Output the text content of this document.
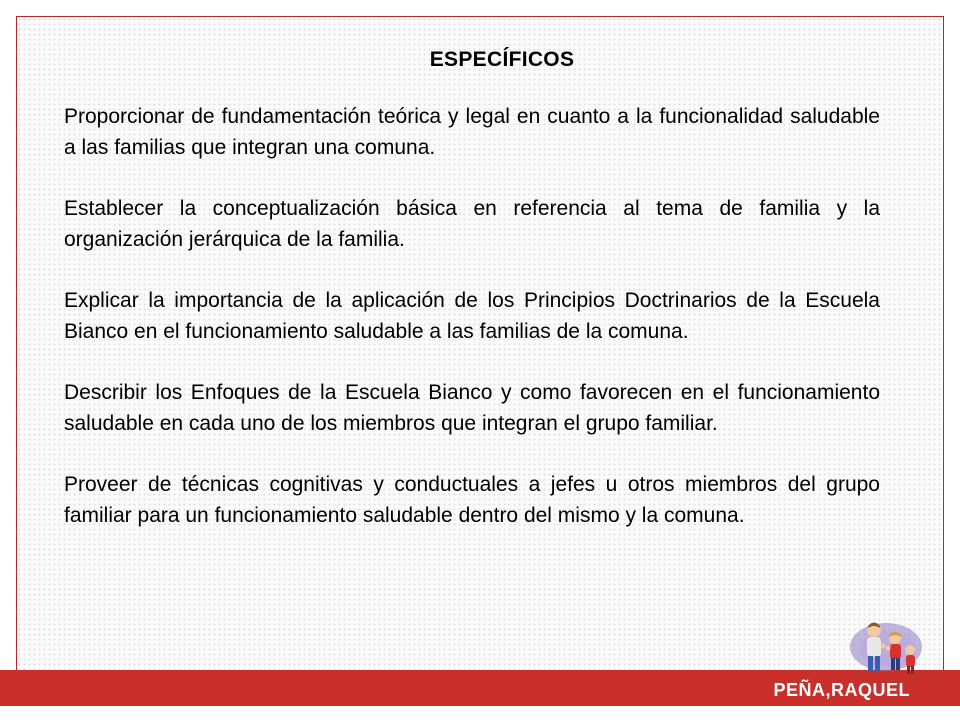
ESPECÍFICOS

Proporcionar de fundamentación teórica y legal en cuanto a la funcionalidad saludable a las familias que integran una comuna.

Establecer la conceptualización básica en referencia al tema de familia y la organización jerárquica de la familia.

Explicar la importancia de la aplicación de los Principios Doctrinarios de la Escuela Bianco en el funcionamiento saludable a las familias de la comuna.

Describir los Enfoques de la Escuela Bianco y como favorecen en el funcionamiento saludable en cada uno de los miembros que integran el grupo familiar.

Proveer de técnicas cognitivas y conductuales a jefes u otros miembros del grupo familiar para un funcionamiento saludable dentro del mismo y la comuna.

PEÑA,RAQUEL
